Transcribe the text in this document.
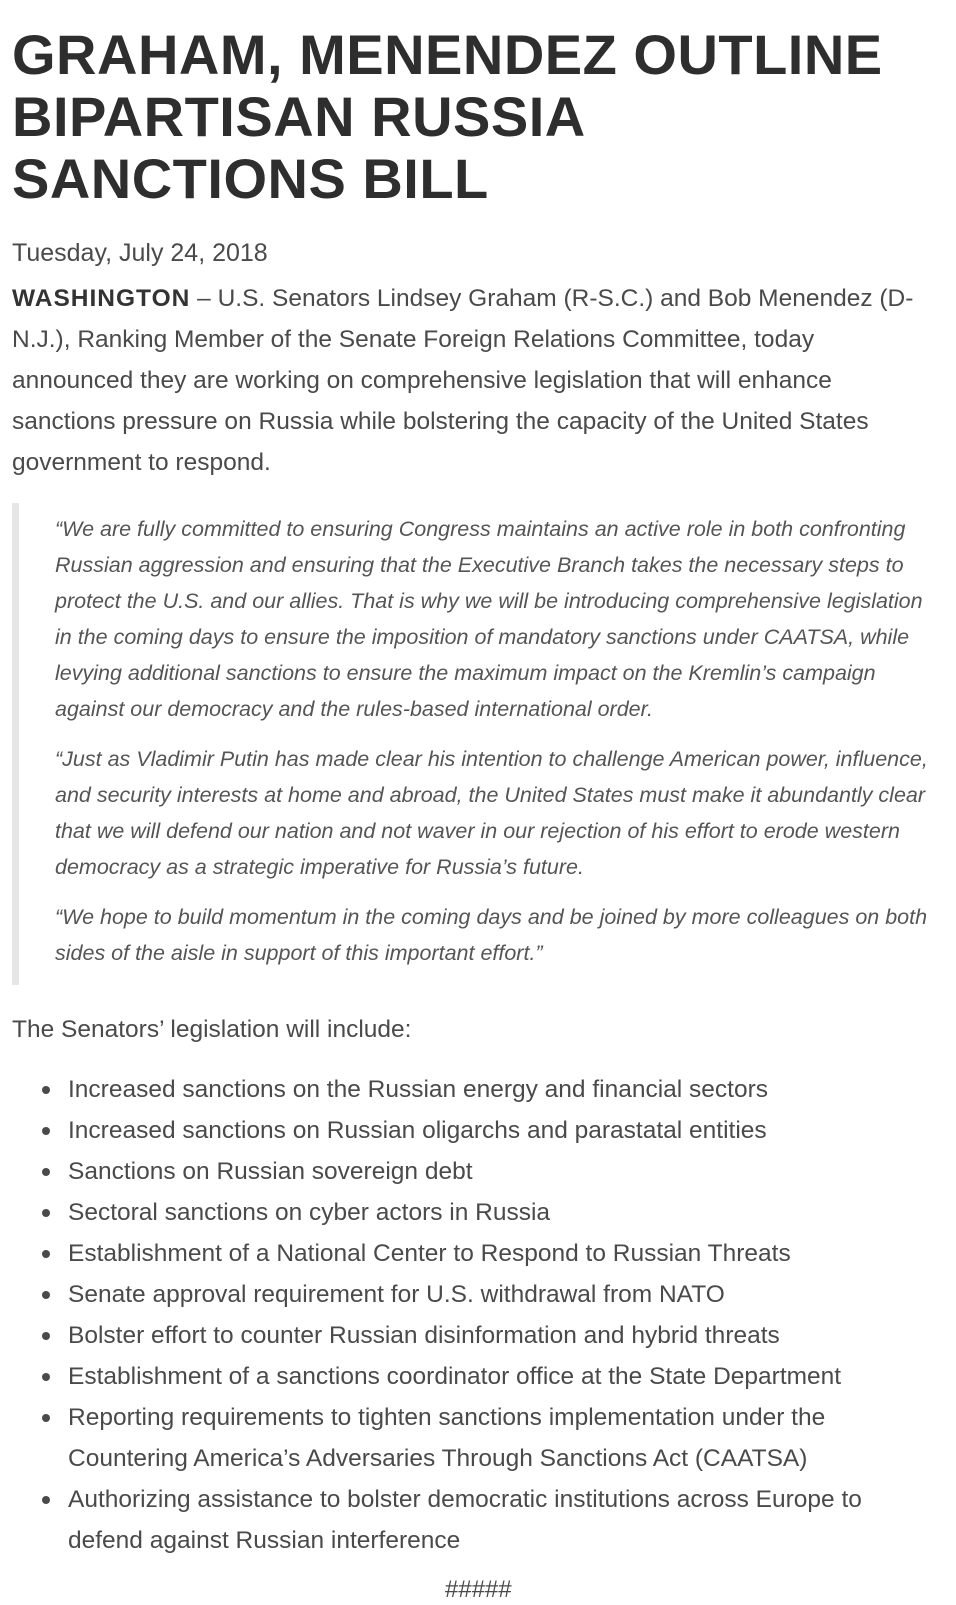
GRAHAM, MENENDEZ OUTLINE BIPARTISAN RUSSIA SANCTIONS BILL
Tuesday, July 24, 2018

WASHINGTON – U.S. Senators Lindsey Graham (R-S.C.) and Bob Menendez (D-N.J.), Ranking Member of the Senate Foreign Relations Committee, today announced they are working on comprehensive legislation that will enhance sanctions pressure on Russia while bolstering the capacity of the United States government to respond.

“We are fully committed to ensuring Congress maintains an active role in both confronting Russian aggression and ensuring that the Executive Branch takes the necessary steps to protect the U.S. and our allies. That is why we will be introducing comprehensive legislation in the coming days to ensure the imposition of mandatory sanctions under CAATSA, while levying additional sanctions to ensure the maximum impact on the Kremlin’s campaign against our democracy and the rules-based international order.

“Just as Vladimir Putin has made clear his intention to challenge American power, influence, and security interests at home and abroad, the United States must make it abundantly clear that we will defend our nation and not waver in our rejection of his effort to erode western democracy as a strategic imperative for Russia’s future.

“We hope to build momentum in the coming days and be joined by more colleagues on both sides of the aisle in support of this important effort.”

The Senators’ legislation will include:
Increased sanctions on the Russian energy and financial sectors
Increased sanctions on Russian oligarchs and parastatal entities
Sanctions on Russian sovereign debt
Sectoral sanctions on cyber actors in Russia
Establishment of a National Center to Respond to Russian Threats
Senate approval requirement for U.S. withdrawal from NATO
Bolster effort to counter Russian disinformation and hybrid threats
Establishment of a sanctions coordinator office at the State Department
Reporting requirements to tighten sanctions implementation under the Countering America’s Adversaries Through Sanctions Act (CAATSA)
Authorizing assistance to bolster democratic institutions across Europe to defend against Russian interference
#####
